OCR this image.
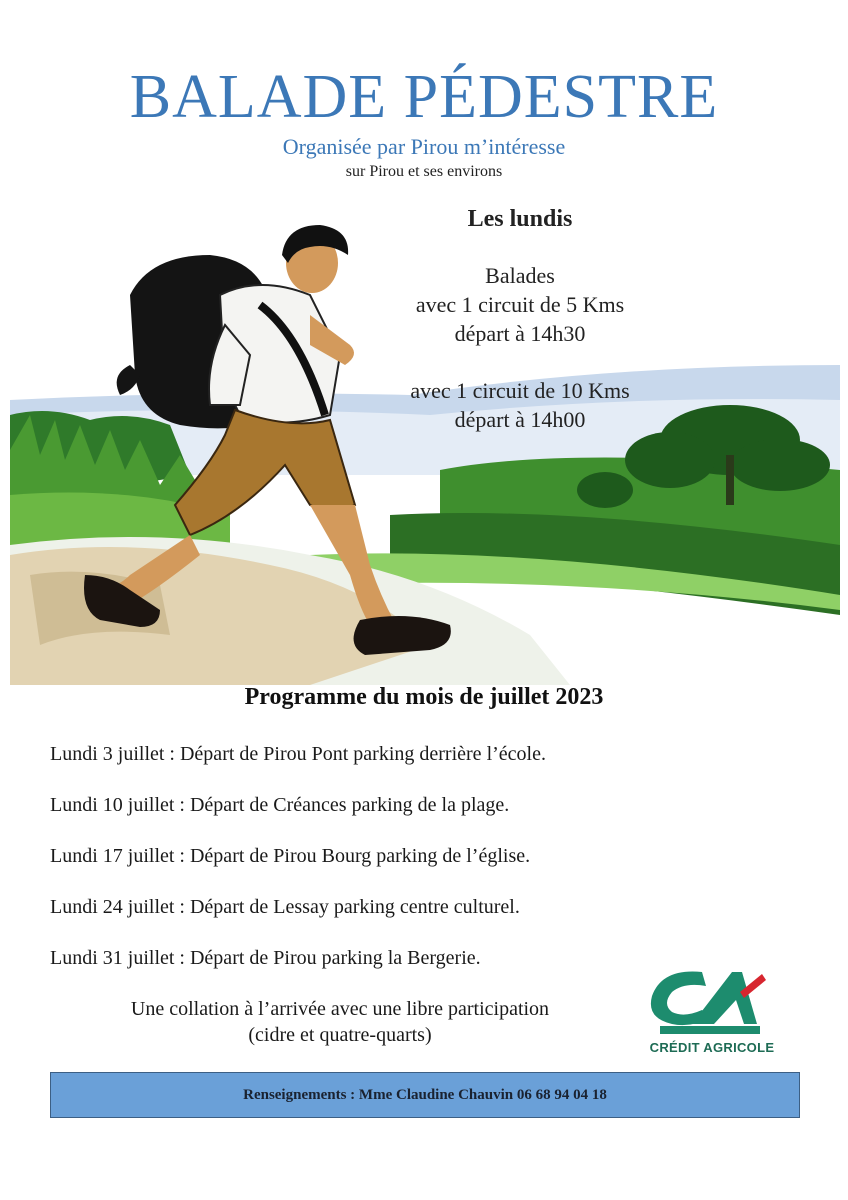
BALADE PÉDESTRE
Organisée par Pirou m’intéresse
sur Pirou et ses environs
Les lundis
Balades
avec 1 circuit de 5 Kms
départ à 14h30
avec 1 circuit de 10 Kms
départ à 14h00
Programme du mois de juillet 2023
Lundi 3 juillet : Départ de Pirou Pont parking derrière l’école.
Lundi 10 juillet : Départ de Créances parking de la plage.
Lundi 17 juillet : Départ de Pirou Bourg parking de l’église.
Lundi 24 juillet : Départ de Lessay parking centre culturel.
Lundi 31 juillet : Départ de Pirou parking la Bergerie.
Une collation à l’arrivée avec une libre participation
(cidre et quatre-quarts)
CRÉDIT AGRICOLE
Renseignements : Mme Claudine Chauvin 06 68 94 04 18
